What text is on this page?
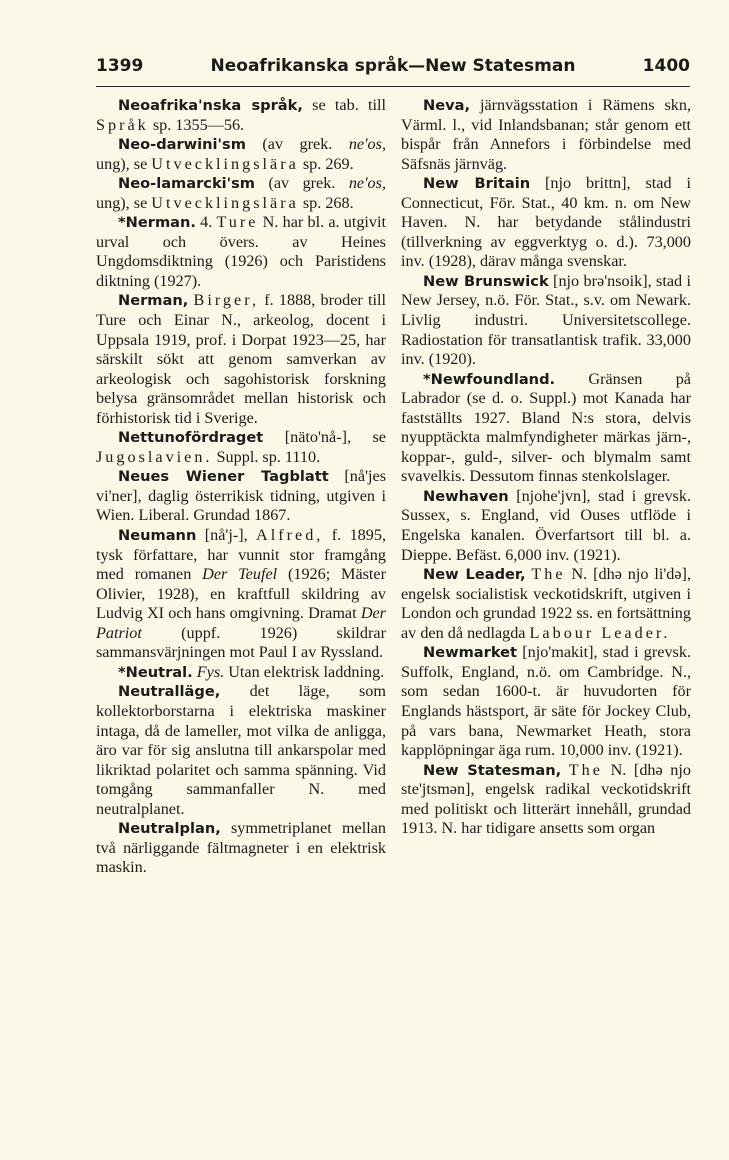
1399	Neoafrikanska språk—New Statesman	1400

Neoafrika'nska språk, se tab. till Språk sp. 1355—56.

Neo-darwini'sm (av grek. ne'os, ung), se Utvecklingslära sp. 269.

Neo-lamarcki'sm (av grek. ne'os, ung), se Utvecklingslära sp. 268.

*Nerman. 4. Ture N. har bl. a. utgivit urval och övers. av Heines Ungdomsdiktning (1926) och Paristidens diktning (1927).

Nerman, Birger, f. 1888, broder till Ture och Einar N., arkeolog, docent i Uppsala 1919, prof. i Dorpat 1923—25, har särskilt sökt att genom samverkan av arkeologisk och sagohistorisk forskning belysa gränsområdet mellan historisk och förhistorisk tid i Sverige.

Nettunofördraget [näto'nå-], se Jugoslavien. Suppl. sp. 1110.

Neues Wiener Tagblatt [nå'jes vi'ner], daglig österrikisk tidning, utgiven i Wien. Liberal. Grundad 1867.

Neumann [nå'j-], Alfred, f. 1895, tysk författare, har vunnit stor framgång med romanen Der Teufel (1926; Mäster Olivier, 1928), en kraftfull skildring av Ludvig XI och hans omgivning. Dramat Der Patriot (uppf. 1926) skildrar sammansvärjningen mot Paul I av Ryssland.

*Neutral. Fys. Utan elektrisk laddning.

Neutralläge, det läge, som kollektorborstarna i elektriska maskiner intaga, då de lameller, mot vilka de anligga, äro var för sig anslutna till ankarspolar med likriktad polaritet och samma spänning. Vid tomgång sammanfaller N. med neutralplanet.

Neutralplan, symmetriplanet mellan två närliggande fältmagneter i en elektrisk maskin.

Neva, järnvägsstation i Rämens skn, Värml. l., vid Inlandsbanan; står genom ett bispår från Annefors i förbindelse med Säfsnäs järnväg.

New Britain [njo brittn], stad i Connecticut, För. Stat., 40 km. n. om New Haven. N. har betydande stålindustri (tillverkning av eggverktyg o. d.). 73,000 inv. (1928), därav många svenskar.

New Brunswick [njo brə'nsoik], stad i New Jersey, n.ö. För. Stat., s.v. om Newark. Livlig industri. Universitetscollege. Radiostation för transatlantisk trafik. 33,000 inv. (1920).

*Newfoundland. Gränsen på Labrador (se d. o. Suppl.) mot Kanada har fastställts 1927. Bland N:s stora, delvis nyupptäckta malmfyndigheter märkas järn-, koppar-, guld-, silver- och blymalm samt svavelkis. Dessutom finnas stenkolslager.

Newhaven [njohe'jvn], stad i grevsk. Sussex, s. England, vid Ouses utflöde i Engelska kanalen. Överfartsort till bl. a. Dieppe. Befäst. 6,000 inv. (1921).

New Leader, The N. [dhə njo li'də], engelsk socialistisk veckotidskrift, utgiven i London och grundad 1922 ss. en fortsättning av den då nedlagda Labour Leader.

Newmarket [njo'makit], stad i grevsk. Suffolk, England, n.ö. om Cambridge. N., som sedan 1600-t. är huvudorten för Englands hästsport, är säte för Jockey Club, på vars bana, Newmarket Heath, stora kapplöpningar äga rum. 10,000 inv. (1921).

New Statesman, The N. [dhə njo ste'jtsmən], engelsk radikal veckotidskrift med politiskt och litterärt innehåll, grundad 1913. N. har tidigare ansetts som organ
